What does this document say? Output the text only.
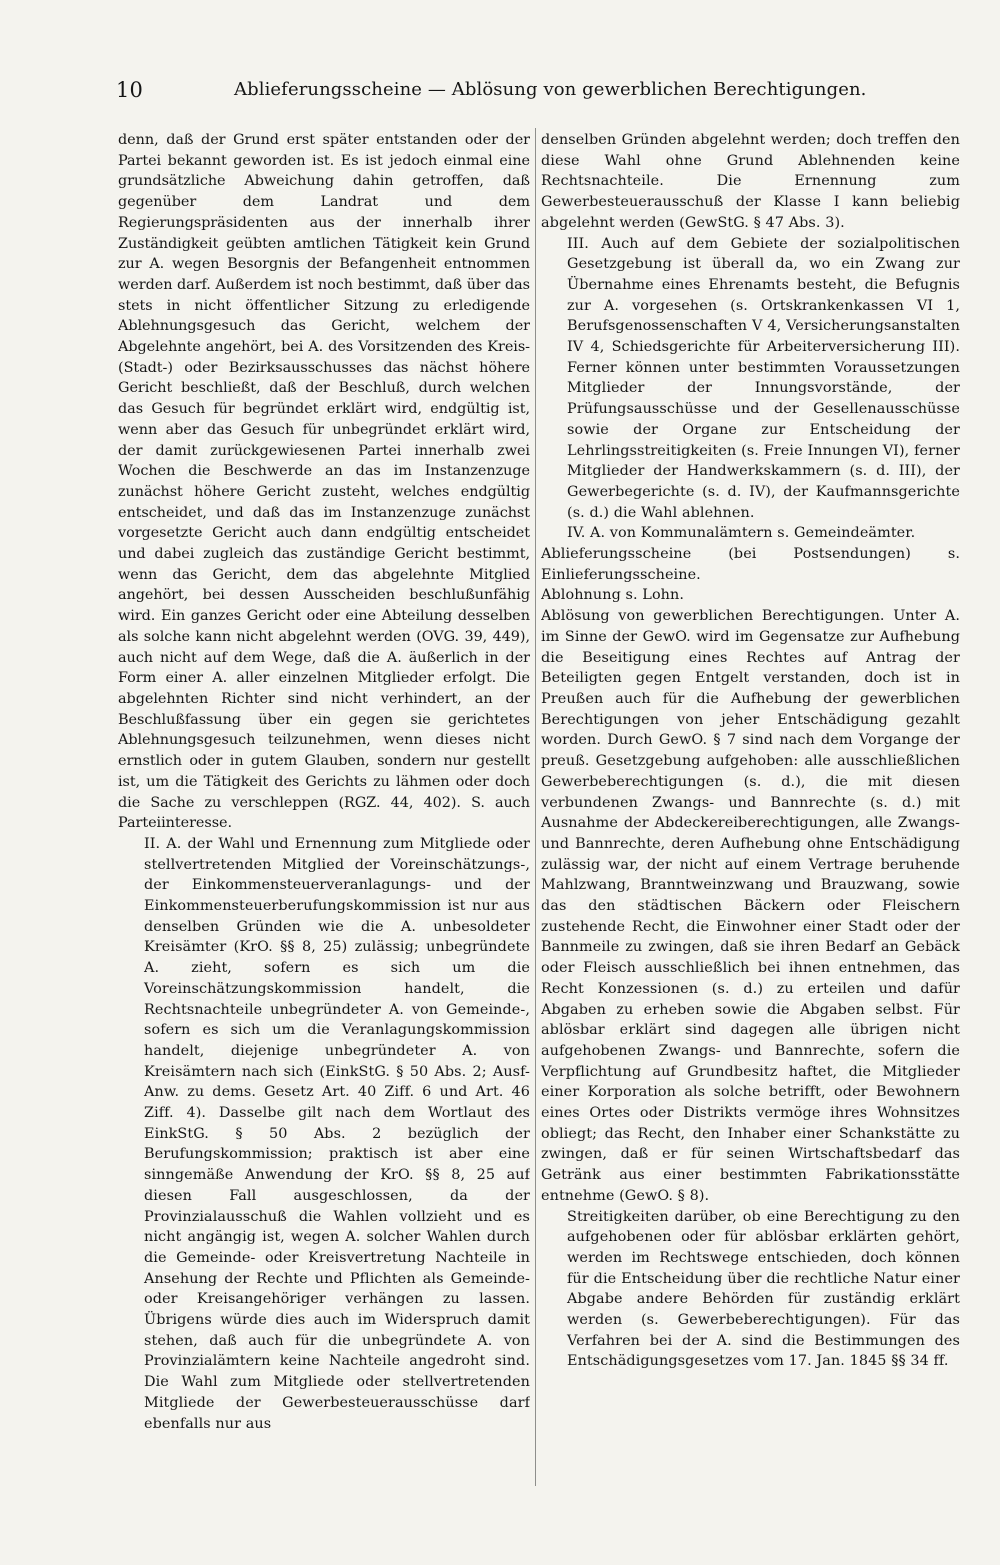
10	Ablieferungsscheine — Ablösung von gewerblichen Berechtigungen.

denn, daß der Grund erst später entstanden oder der Partei bekannt geworden ist. Es ist jedoch einmal eine grundsätzliche Abweichung dahin getroffen, daß gegenüber dem Landrat und dem Regierungspräsidenten aus der innerhalb ihrer Zuständigkeit geübten amtlichen Tätigkeit kein Grund zur A. wegen Besorgnis der Befangenheit entnommen werden darf. Außerdem ist noch bestimmt, daß über das stets in nicht öffentlicher Sitzung zu erledigende Ablehnungsgesuch das Gericht, welchem der Abgelehnte angehört, bei A. des Vorsitzenden des Kreis- (Stadt-) oder Bezirksausschusses das nächst höhere Gericht beschließt, daß der Beschluß, durch welchen das Gesuch für begründet erklärt wird, endgültig ist, wenn aber das Gesuch für unbegründet erklärt wird, der damit zurückgewiesenen Partei innerhalb zwei Wochen die Beschwerde an das im Instanzenzuge zunächst höhere Gericht zusteht, welches endgültig entscheidet, und daß das im Instanzenzuge zunächst vorgesetzte Gericht auch dann endgültig entscheidet und dabei zugleich das zuständige Gericht bestimmt, wenn das Gericht, dem das abgelehnte Mitglied angehört, bei dessen Ausscheiden beschlußunfähig wird. Ein ganzes Gericht oder eine Abteilung desselben als solche kann nicht abgelehnt werden (OVG. 39, 449), auch nicht auf dem Wege, daß die A. äußerlich in der Form einer A. aller einzelnen Mitglieder erfolgt. Die abgelehnten Richter sind nicht verhindert, an der Beschlußfassung über ein gegen sie gerichtetes Ablehnungsgesuch teilzunehmen, wenn dieses nicht ernstlich oder in gutem Glauben, sondern nur gestellt ist, um die Tätigkeit des Gerichts zu lähmen oder doch die Sache zu verschleppen (RGZ. 44, 402). S. auch Parteiinteresse.

II. A. der Wahl und Ernennung zum Mitgliede oder stellvertretenden Mitglied der Voreinschätzungs-, der Einkommensteuerveranlagungs- und der Einkommensteuerberufungskommission ist nur aus denselben Gründen wie die A. unbesoldeter Kreisämter (KrO. §§ 8, 25) zulässig; unbegründete A. zieht, sofern es sich um die Voreinschätzungskommission handelt, die Rechtsnachteile unbegründeter A. von Gemeinde-, sofern es sich um die Veranlagungskommission handelt, diejenige unbegründeter A. von Kreisämtern nach sich (EinkStG. § 50 Abs. 2; Ausf-Anw. zu dems. Gesetz Art. 40 Ziff. 6 und Art. 46 Ziff. 4). Dasselbe gilt nach dem Wortlaut des EinkStG. § 50 Abs. 2 bezüglich der Berufungskommission; praktisch ist aber eine sinngemäße Anwendung der KrO. §§ 8, 25 auf diesen Fall ausgeschlossen, da der Provinzialausschuß die Wahlen vollzieht und es nicht angängig ist, wegen A. solcher Wahlen durch die Gemeinde- oder Kreisvertretung Nachteile in Ansehung der Rechte und Pflichten als Gemeinde- oder Kreisangehöriger verhängen zu lassen. Übrigens würde dies auch im Widerspruch damit stehen, daß auch für die unbegründete A. von Provinzialämtern keine Nachteile angedroht sind. Die Wahl zum Mitgliede oder stellvertretenden Mitgliede der Gewerbesteuerausschüsse darf ebenfalls nur aus

denselben Gründen abgelehnt werden; doch treffen den diese Wahl ohne Grund Ablehnenden keine Rechtsnachteile. Die Ernennung zum Gewerbesteuerausschuß der Klasse I kann beliebig abgelehnt werden (GewStG. § 47 Abs. 3).

III. Auch auf dem Gebiete der sozialpolitischen Gesetzgebung ist überall da, wo ein Zwang zur Übernahme eines Ehrenamts besteht, die Befugnis zur A. vorgesehen (s. Ortskrankenkassen VI 1, Berufsgenossenschaften V 4, Versicherungsanstalten IV 4, Schiedsgerichte für Arbeiterversicherung III). Ferner können unter bestimmten Voraussetzungen Mitglieder der Innungsvorstände, der Prüfungsausschüsse und der Gesellenausschüsse sowie der Organe zur Entscheidung der Lehrlingsstreitigkeiten (s. Freie Innungen VI), ferner Mitglieder der Handwerkskammern (s. d. III), der Gewerbegerichte (s. d. IV), der Kaufmannsgerichte (s. d.) die Wahl ablehnen.

IV. A. von Kommunalämtern s. Gemeindeämter.

Ablieferungsscheine (bei Postsendungen) s. Einlieferungsscheine.

Ablohnung s. Lohn.

Ablösung von gewerblichen Berechtigungen. Unter A. im Sinne der GewO. wird im Gegensatze zur Aufhebung die Beseitigung eines Rechtes auf Antrag der Beteiligten gegen Entgelt verstanden, doch ist in Preußen auch für die Aufhebung der gewerblichen Berechtigungen von jeher Entschädigung gezahlt worden. Durch GewO. § 7 sind nach dem Vorgange der preuß. Gesetzgebung aufgehoben: alle ausschließlichen Gewerbeberechtigungen (s. d.), die mit diesen verbundenen Zwangs- und Bannrechte (s. d.) mit Ausnahme der Abdeckereiberechtigungen, alle Zwangs- und Bannrechte, deren Aufhebung ohne Entschädigung zulässig war, der nicht auf einem Vertrage beruhende Mahlzwang, Branntweinzwang und Brauzwang, sowie das den städtischen Bäckern oder Fleischern zustehende Recht, die Einwohner einer Stadt oder der Bannmeile zu zwingen, daß sie ihren Bedarf an Gebäck oder Fleisch ausschließlich bei ihnen entnehmen, das Recht Konzessionen (s. d.) zu erteilen und dafür Abgaben zu erheben sowie die Abgaben selbst. Für ablösbar erklärt sind dagegen alle übrigen nicht aufgehobenen Zwangs- und Bannrechte, sofern die Verpflichtung auf Grundbesitz haftet, die Mitglieder einer Korporation als solche betrifft, oder Bewohnern eines Ortes oder Distrikts vermöge ihres Wohnsitzes obliegt; das Recht, den Inhaber einer Schankstätte zu zwingen, daß er für seinen Wirtschaftsbedarf das Getränk aus einer bestimmten Fabrikationsstätte entnehme (GewO. § 8).

Streitigkeiten darüber, ob eine Berechtigung zu den aufgehobenen oder für ablösbar erklärten gehört, werden im Rechtswege entschieden, doch können für die Entscheidung über die rechtliche Natur einer Abgabe andere Behörden für zuständig erklärt werden (s. Gewerbeberechtigungen). Für das Verfahren bei der A. sind die Bestimmungen des Entschädigungsgesetzes vom 17. Jan. 1845 §§ 34 ff.
